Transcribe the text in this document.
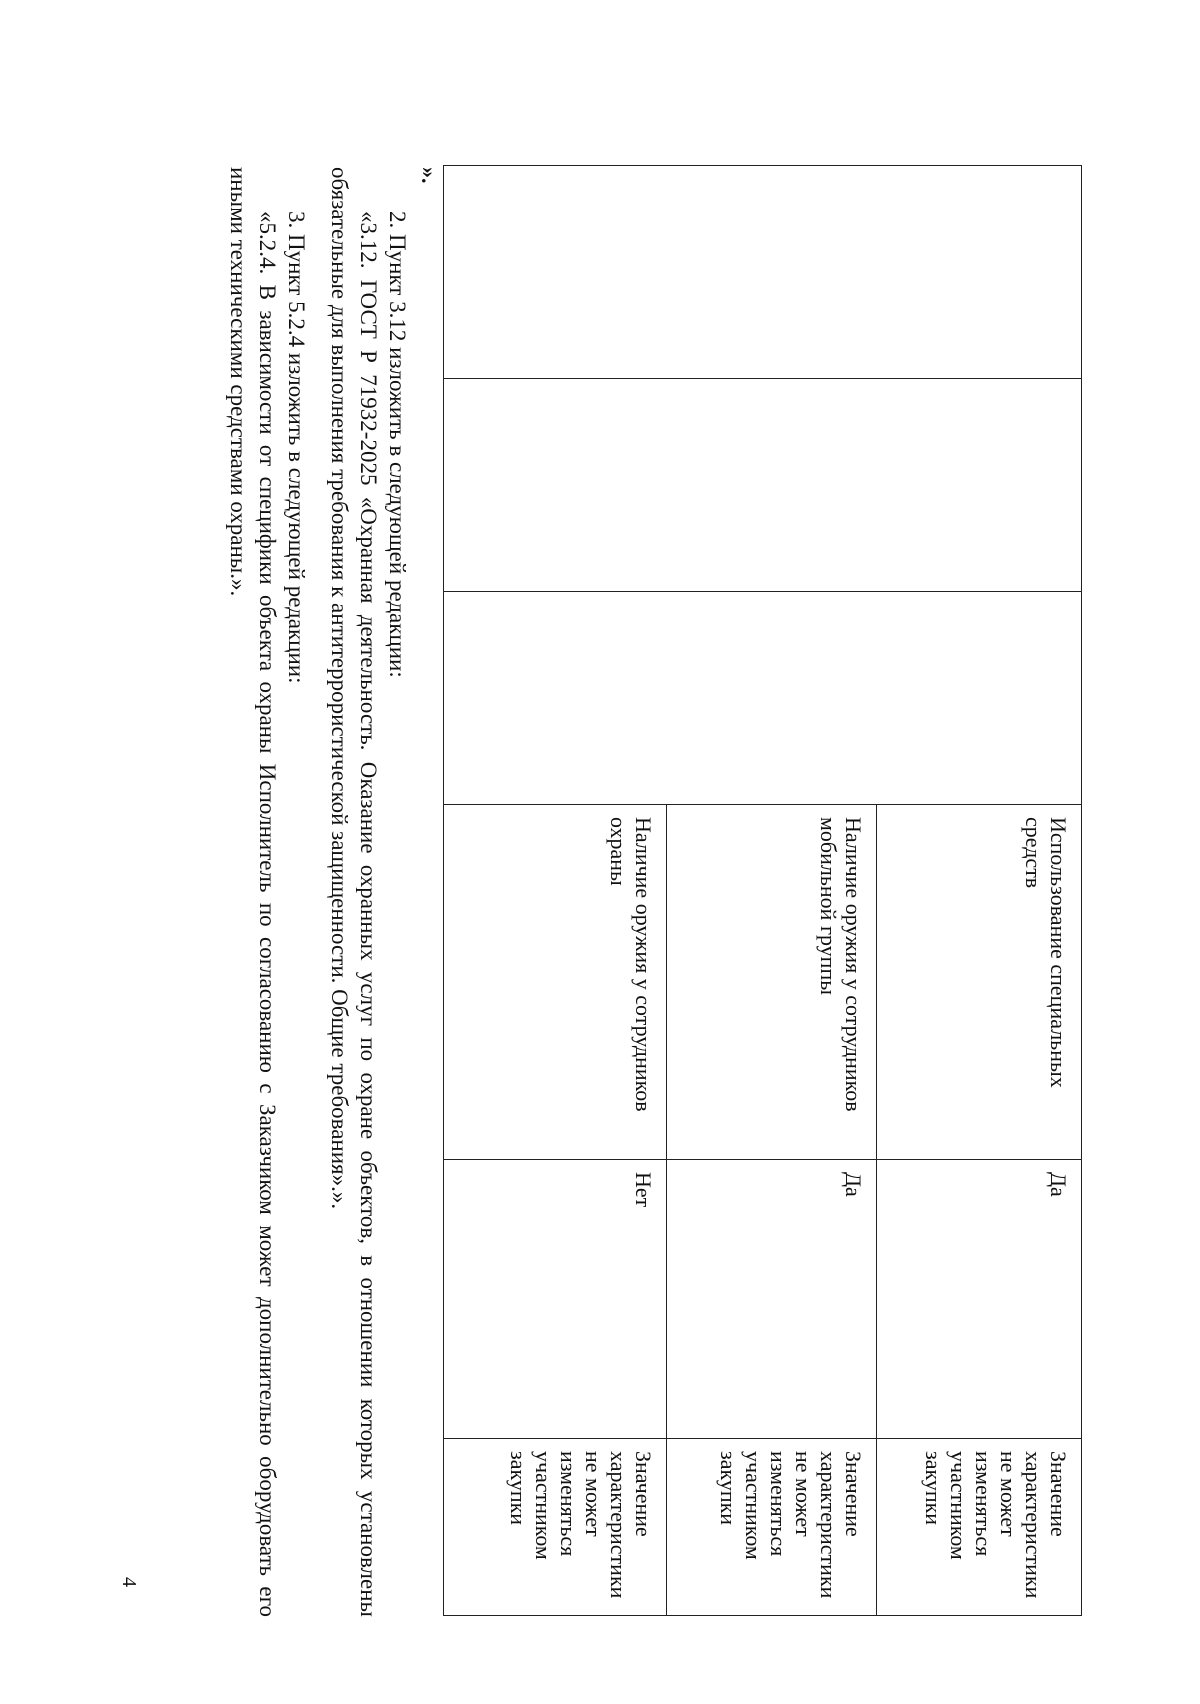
			Использование специальных средств	Да	Значение характеристики не может изменяться участником закупки
			Наличие оружия у сотрудников мобильной группы	Да	Значение характеристики не может изменяться участником закупки
			Наличие оружия у сотрудников охраны	Нет	Значение характеристики не может изменяться участником закупки
».

2. Пункт 3.12 изложить в следующей редакции:

«3.12. ГОСТ Р 71932-2025 «Охранная деятельность. Оказание охранных услуг по охране объектов, в отношении которых установлены обязательные для выполнения требования к антитеррористической защищенности. Общие требования».».

3. Пункт 5.2.4 изложить в следующей редакции:

«5.2.4. В зависимости от специфики объекта охраны Исполнитель по согласованию с Заказчиком может дополнительно оборудовать его иными техническими средствами охраны.».

4
